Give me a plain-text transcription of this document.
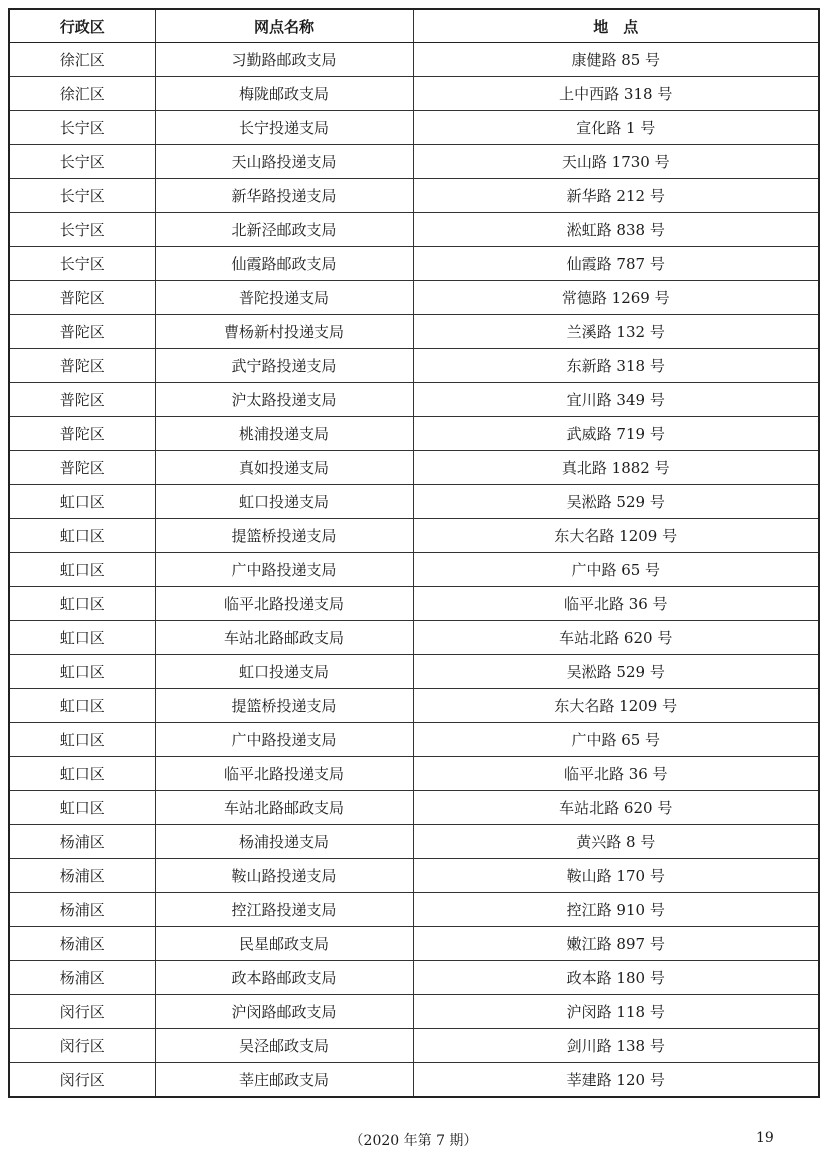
行政区	网点名称	地　点
徐汇区	习勤路邮政支局	康健路 85 号
徐汇区	梅陇邮政支局	上中西路 318 号
长宁区	长宁投递支局	宣化路 1 号
长宁区	天山路投递支局	天山路 1730 号
长宁区	新华路投递支局	新华路 212 号
长宁区	北新泾邮政支局	淞虹路 838 号
长宁区	仙霞路邮政支局	仙霞路 787 号
普陀区	普陀投递支局	常德路 1269 号
普陀区	曹杨新村投递支局	兰溪路 132 号
普陀区	武宁路投递支局	东新路 318 号
普陀区	沪太路投递支局	宜川路 349 号
普陀区	桃浦投递支局	武威路 719 号
普陀区	真如投递支局	真北路 1882 号
虹口区	虹口投递支局	吴淞路 529 号
虹口区	提篮桥投递支局	东大名路 1209 号
虹口区	广中路投递支局	广中路 65 号
虹口区	临平北路投递支局	临平北路 36 号
虹口区	车站北路邮政支局	车站北路 620 号
虹口区	虹口投递支局	吴淞路 529 号
虹口区	提篮桥投递支局	东大名路 1209 号
虹口区	广中路投递支局	广中路 65 号
虹口区	临平北路投递支局	临平北路 36 号
虹口区	车站北路邮政支局	车站北路 620 号
杨浦区	杨浦投递支局	黄兴路 8 号
杨浦区	鞍山路投递支局	鞍山路 170 号
杨浦区	控江路投递支局	控江路 910 号
杨浦区	民星邮政支局	嫩江路 897 号
杨浦区	政本路邮政支局	政本路 180 号
闵行区	沪闵路邮政支局	沪闵路 118 号
闵行区	吴泾邮政支局	剑川路 138 号
闵行区	莘庄邮政支局	莘建路 120 号
（2020 年第 7 期）	19
